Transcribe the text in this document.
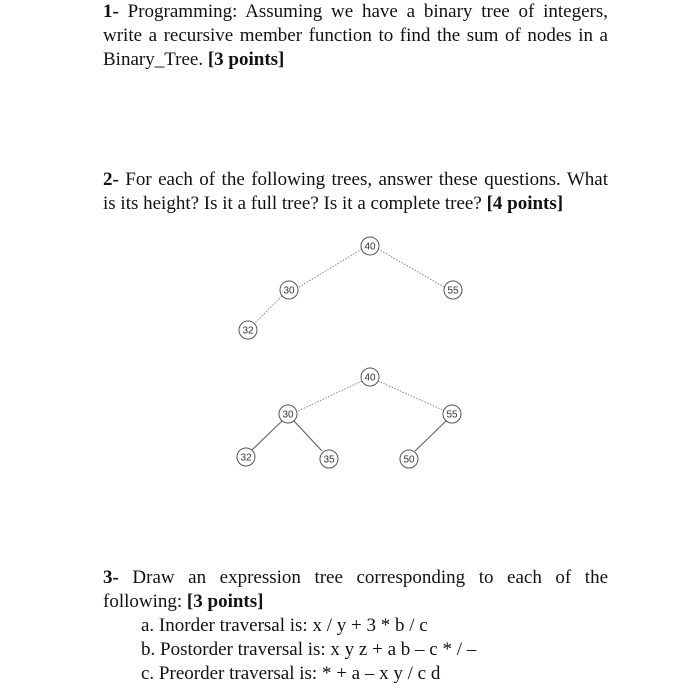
1- Programming: Assuming we have a binary tree of integers, write a recursive member function to find the sum of nodes in a Binary_Tree. [3 points]
2- For each of the following trees, answer these questions. What is its height? Is it a full tree? Is it a complete tree? [4 points]
40
30	55
32
40
30	55
32	35	50
3- Draw an expression tree corresponding to each of the following: [3 points]
a. Inorder traversal is: x / y + 3 * b / c
b. Postorder traversal is: x y z + a b – c * / –
c. Preorder traversal is: * + a – x y / c d
